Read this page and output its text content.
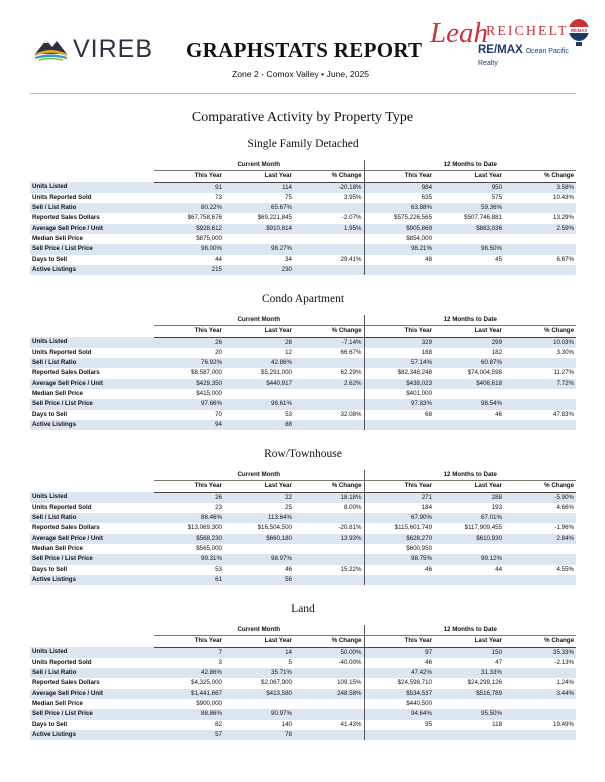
VIREB GRAPHSTATS REPORT
Zone 2 - Comox Valley • June, 2025
Leah
REICHELT
RE/MAX Ocean Pacific Realty
RE/MAX
Comparative Activity by Property Type
Single Family Detached
	Current Month			12 Months to Date		
	This Year	Last Year	% Change	This Year	Last Year	% Change
Units Listed	91	114	-20.18%	984	950	3.58%
Units Reported Sold	73	75	3.95%	635	575	10.43%
Sell / List Ratio	80.22%	65.67%		63.88%	59.36%	
Reported Sales Dollars	$67,758,676	$69,221,845	-2.07%	$575,226,565	$507,746,881	13.29%
Average Sell Price / Unit	$928,612	$910,814	1.95%	$905,869	$883,036	2.59%
Median Sell Price	$875,000			$854,000		
Sell Price / List Price	98.00%	98.27%		98.21%	98.50%	
Days to Sell	44	34	29.41%	48	45	6.67%
Active Listings	215	230				
Condo Apartment
	Current Month			12 Months to Date		
	This Year	Last Year	% Change	This Year	Last Year	% Change
Units Listed	26	28	-7.14%	329	299	10.03%
Units Reported Sold	20	12	66.67%	188	182	3.30%
Sell / List Ratio	76.92%	42.86%		57.14%	60.87%	
Reported Sales Dollars	$8,587,000	$5,291,000	62.29%	$82,348,248	$74,004,598	11.27%
Average Sell Price / Unit	$429,350	$440,917	2.62%	$438,023	$406,618	7.72%
Median Sell Price	$415,000			$401,000		
Sell Price / List Price	97.66%	98.61%		97.83%	98.54%	
Days to Sell	70	53	32.08%	68	46	47.83%
Active Listings	94	88				
Row/Townhouse
	Current Month			12 Months to Date		
	This Year	Last Year	% Change	This Year	Last Year	% Change
Units Listed	26	22	18.18%	271	288	-5.90%
Units Reported Sold	23	25	8.00%	184	193	4.66%
Sell / List Ratio	88.46%	113.64%		67.90%	67.01%	
Reported Sales Dollars	$13,069,300	$16,504,500	-20.81%	$115,601,749	$117,909,455	-1.96%
Average Sell Price / Unit	$568,230	$660,180	13.93%	$628,270	$610,930	2.84%
Median Sell Price	$565,000			$600,950		
Sell Price / List Price	99.31%	98.97%		98.75%	99.12%	
Days to Sell	53	46	15.22%	46	44	4.55%
Active Listings	61	56				
Land
	Current Month			12 Months to Date		
	This Year	Last Year	% Change	This Year	Last Year	% Change
Units Listed	7	14	50.00%	97	150	35.33%
Units Reported Sold	3	5	-40.00%	46	47	-2.13%
Sell / List Ratio	42.86%	35.71%		47.42%	31.33%	
Reported Sales Dollars	$4,325,000	$2,067,900	109.15%	$24,598,710	$24,299,126	1.24%
Average Sell Price / Unit	$1,441,667	$413,580	248.58%	$534,537	$516,789	3.44%
Median Sell Price	$900,000			$440,500		
Sell Price / List Price	88.86%	90.97%		94.64%	95.50%	
Days to Sell	82	140	41.43%	95	118	19.49%
Active Listings	57	78				
